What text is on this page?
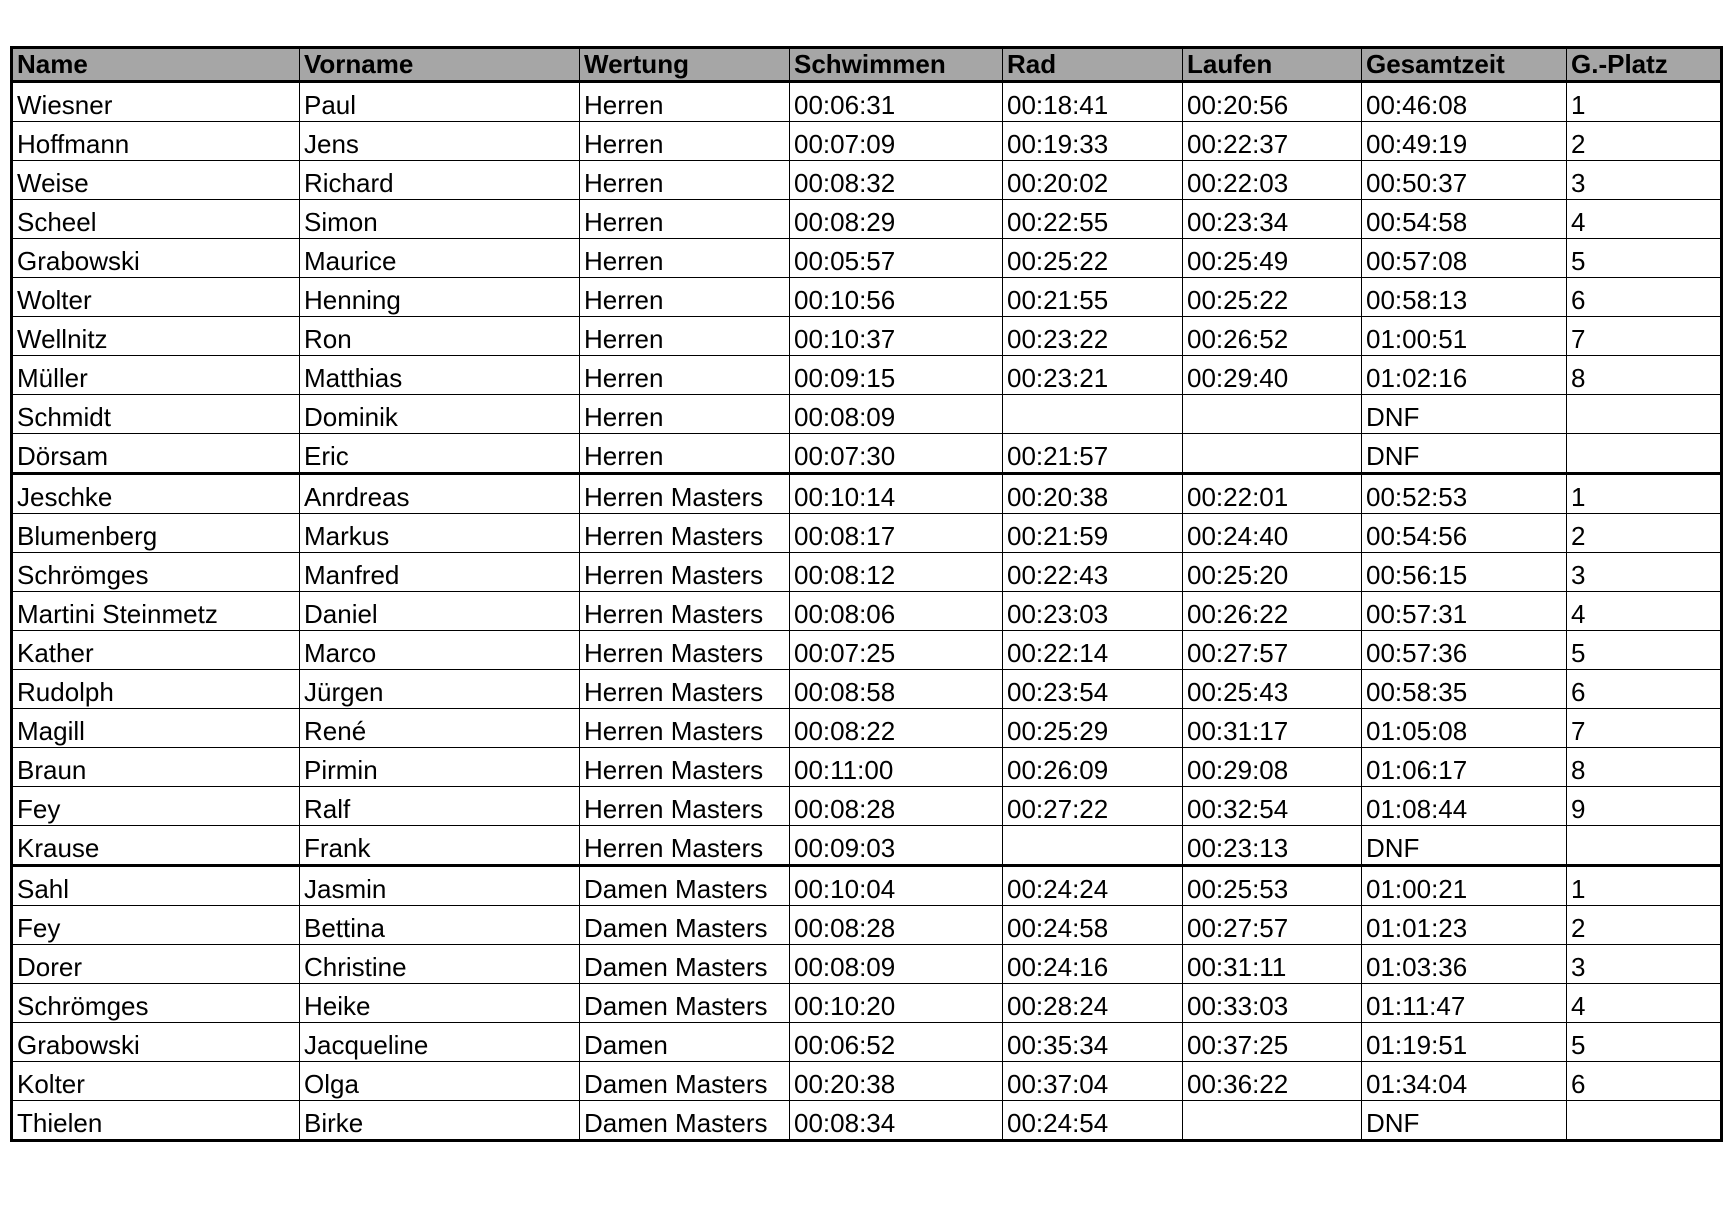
Name	Vorname	Wertung	Schwimmen	Rad	Laufen	Gesamtzeit	G.-Platz
Wiesner	Paul	Herren	00:06:31	00:18:41	00:20:56	00:46:08	1
Hoffmann	Jens	Herren	00:07:09	00:19:33	00:22:37	00:49:19	2
Weise	Richard	Herren	00:08:32	00:20:02	00:22:03	00:50:37	3
Scheel	Simon	Herren	00:08:29	00:22:55	00:23:34	00:54:58	4
Grabowski	Maurice	Herren	00:05:57	00:25:22	00:25:49	00:57:08	5
Wolter	Henning	Herren	00:10:56	00:21:55	00:25:22	00:58:13	6
Wellnitz	Ron	Herren	00:10:37	00:23:22	00:26:52	01:00:51	7
Müller	Matthias	Herren	00:09:15	00:23:21	00:29:40	01:02:16	8
Schmidt	Dominik	Herren	00:08:09			DNF	
Dörsam	Eric	Herren	00:07:30	00:21:57		DNF	
Jeschke	Anrdreas	Herren Masters	00:10:14	00:20:38	00:22:01	00:52:53	1
Blumenberg	Markus	Herren Masters	00:08:17	00:21:59	00:24:40	00:54:56	2
Schrömges	Manfred	Herren Masters	00:08:12	00:22:43	00:25:20	00:56:15	3
Martini Steinmetz	Daniel	Herren Masters	00:08:06	00:23:03	00:26:22	00:57:31	4
Kather	Marco	Herren Masters	00:07:25	00:22:14	00:27:57	00:57:36	5
Rudolph	Jürgen	Herren Masters	00:08:58	00:23:54	00:25:43	00:58:35	6
Magill	René	Herren Masters	00:08:22	00:25:29	00:31:17	01:05:08	7
Braun	Pirmin	Herren Masters	00:11:00	00:26:09	00:29:08	01:06:17	8
Fey	Ralf	Herren Masters	00:08:28	00:27:22	00:32:54	01:08:44	9
Krause	Frank	Herren Masters	00:09:03		00:23:13	DNF	
Sahl	Jasmin	Damen Masters	00:10:04	00:24:24	00:25:53	01:00:21	1
Fey	Bettina	Damen Masters	00:08:28	00:24:58	00:27:57	01:01:23	2
Dorer	Christine	Damen Masters	00:08:09	00:24:16	00:31:11	01:03:36	3
Schrömges	Heike	Damen Masters	00:10:20	00:28:24	00:33:03	01:11:47	4
Grabowski	Jacqueline	Damen	00:06:52	00:35:34	00:37:25	01:19:51	5
Kolter	Olga	Damen Masters	00:20:38	00:37:04	00:36:22	01:34:04	6
Thielen	Birke	Damen Masters	00:08:34	00:24:54		DNF	
